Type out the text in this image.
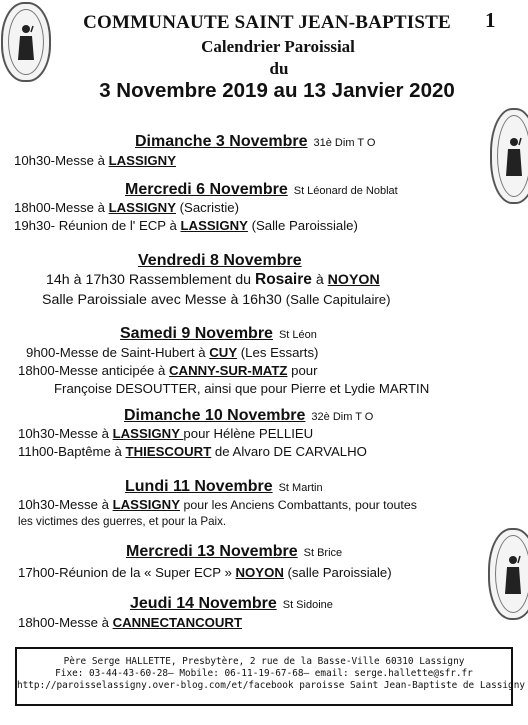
1
COMMUNAUTE SAINT JEAN-BAPTISTE
Calendrier Paroissial
du
3 Novembre 2019 au 13 Janvier 2020
Dimanche 3 Novembre 31è Dim T O
10h30-Messe à LASSIGNY
Mercredi 6 Novembre St Léonard de Noblat
18h00-Messe à LASSIGNY (Sacristie)
19h30- Réunion de l' ECP à LASSIGNY (Salle Paroissiale)
Vendredi 8 Novembre
14h à 17h30 Rassemblement du Rosaire à NOYON
Salle Paroissiale avec Messe à 16h30 (Salle Capitulaire)
Samedi 9 Novembre St Léon
9h00-Messe de Saint-Hubert à CUY (Les Essarts)
18h00-Messe anticipée à CANNY-SUR-MATZ pour
Françoise DESOUTTER, ainsi que pour Pierre et Lydie MARTIN
Dimanche 10 Novembre 32è Dim T O
10h30-Messe à LASSIGNY pour Hélène PELLIEU
11h00-Baptême à THIESCOURT de Alvaro DE CARVALHO
Lundi 11 Novembre St Martin
10h30-Messe à LASSIGNY pour les Anciens Combattants, pour toutes
les victimes des guerres, et pour la Paix.
Mercredi 13 Novembre St Brice
17h00-Réunion de la « Super ECP » NOYON (salle Paroissiale)
Jeudi 14 Novembre St Sidoine
18h00-Messe à CANNECTANCOURT
Père Serge HALLETTE, Presbytère, 2 rue de la Basse-Ville 60310 Lassigny
Fixe: 03-44-43-60-28— Mobile: 06-11-19-67-68— email: serge.hallette@sfr.fr
http://paroisselassigny.over-blog.com/et/facebook paroisse Saint Jean-Baptiste de Lassigny
